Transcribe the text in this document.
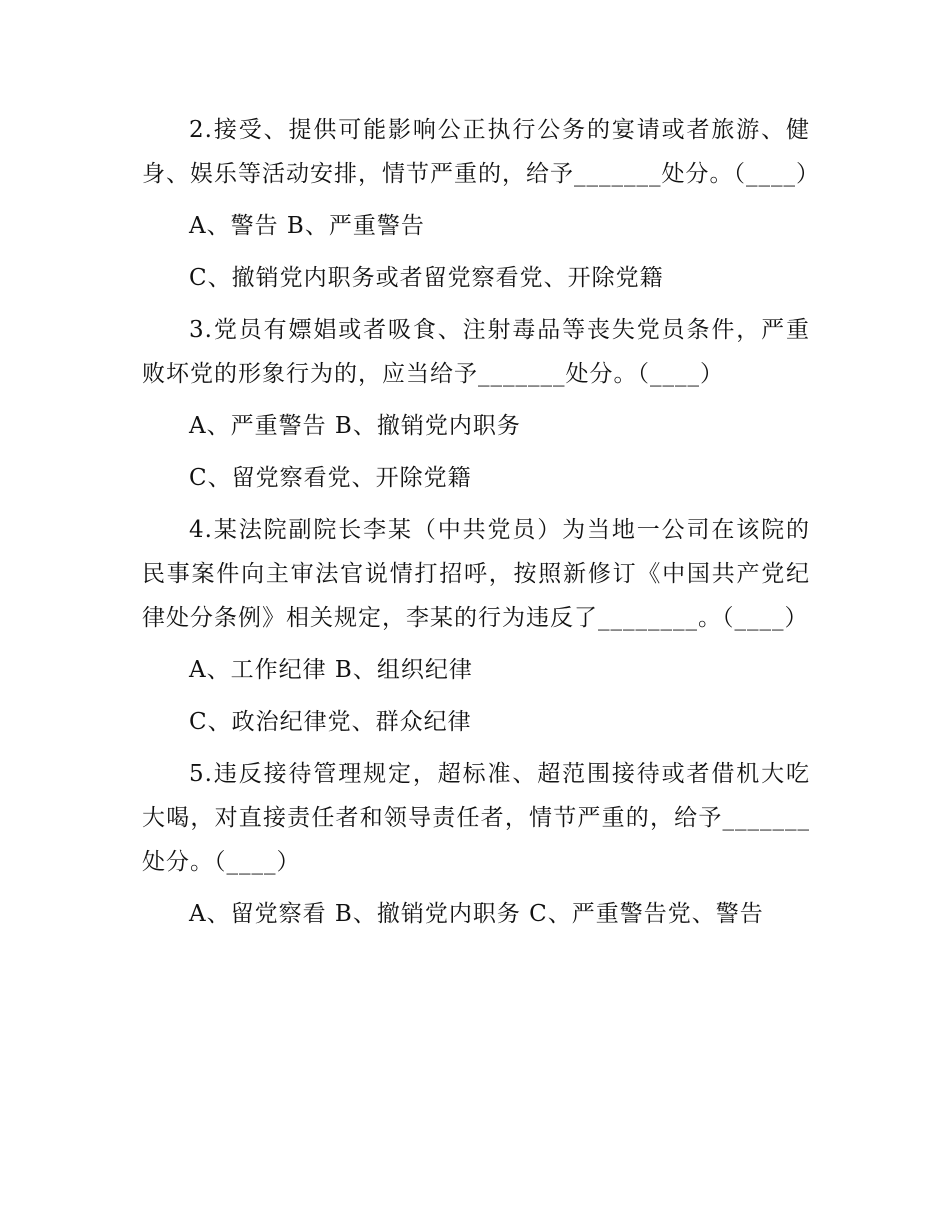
2.接受、提供可能影响公正执行公务的宴请或者旅游、健身、娱乐等活动安排，情节严重的，给予_______处分。（____）

A、警告 B、严重警告

C、撤销党内职务或者留党察看党、开除党籍

3.党员有嫖娼或者吸食、注射毒品等丧失党员条件，严重败坏党的形象行为的，应当给予_______处分。（____）

A、严重警告 B、撤销党内职务

C、留党察看党、开除党籍

4.某法院副院长李某（中共党员）为当地一公司在该院的民事案件向主审法官说情打招呼，按照新修订《中国共产党纪律处分条例》相关规定，李某的行为违反了________。（____）

A、工作纪律 B、组织纪律

C、政治纪律党、群众纪律

5.违反接待管理规定，超标准、超范围接待或者借机大吃大喝，对直接责任者和领导责任者，情节严重的，给予_______处分。（____）

A、留党察看 B、撤销党内职务 C、严重警告党、警告
